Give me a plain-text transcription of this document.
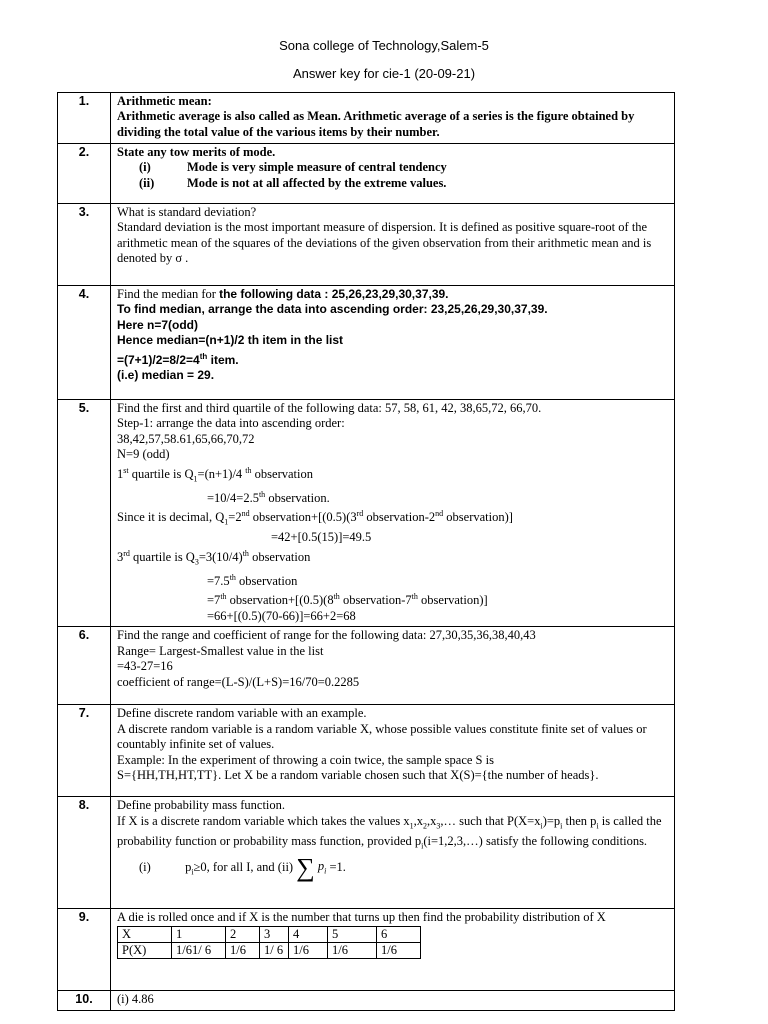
Sona college of Technology,Salem-5
Answer key for cie-1 (20-09-21)
1.	Arithmetic mean:
Arithmetic average is also called as Mean. Arithmetic average of a series is the figure obtained by dividing the total value of the various items by their number.

2.	State any tow merits of mode.
(i)	Mode is very simple measure of central tendency
(ii)	Mode is not at all affected by the extreme values.

3.	What is standard deviation?
Standard deviation is the most important measure of dispersion. It is defined as positive square-root of the arithmetic mean of the squares of the deviations of the given observation from their arithmetic mean and is denoted by σ .

4.	Find the median for the following data : 25,26,23,29,30,37,39.
To find median, arrange the data into ascending order: 23,25,26,29,30,37,39.
Here n=7(odd)
Hence median=(n+1)/2 th item in the list
=(7+1)/2=8/2=4th item.
(i.e) median = 29.

5.	Find the first and third quartile of the following data: 57, 58, 61, 42, 38,65,72, 66,70.
Step-1: arrange the data into ascending order:
38,42,57,58.61,65,66,70,72
N=9 (odd)
1st quartile is $Q_1=(n+1)/4$ $^{th}$ observation
=10/4=2.5th observation.
Since it is decimal, $Q_1=2nd$ observation+[(0.5)(3rd observation-2nd observation)]
=42+[0.5(15)]=49.5
3rd quartile is $Q_3=3(10/4)^{th}$ observation
=7.5th observation
=7th observation+[(0.5)(8th observation-7th observation)]
=66+[(0.5)(70-66)]=66+2=68

6.	Find the range and coefficient of range for the following data: 27,30,35,36,38,40,43
Range= Largest-Smallest value in the list
=43-27=16
coefficient of range=(L-S)/(L+S)=16/70=0.2285

7.	Define discrete random variable with an example.
A discrete random variable is a random variable X, whose possible values constitute finite set of values or countably infinite set of values.
Example: In the experiment of throwing a coin twice, the sample space S is
S={HH,TH,HT,TT}. Let X be a random variable chosen such that X(S)={the number of heads}.

8.	Define probability mass function.
If X is a discrete random variable which takes the values $x_1,x_2,x_3,\dots$ such that $P(X=x_i)=p_i$ then $p_i$ is called the probability function or probability mass function, provided $p_i(i=1,2,3,\dots)$ satisfy the following conditions.
(i)	$p_i\ge 0$, for all I, and (ii) ∑ $p_i =1$.

9.	A die is rolled once and if X is the number that turns up then find the probability distribution of X
X	1	2	3	4	5	6
P(X)	1/61/ 6	1/6	1/ 6	1/6	1/6	1/6

10.	(i) 4.86
